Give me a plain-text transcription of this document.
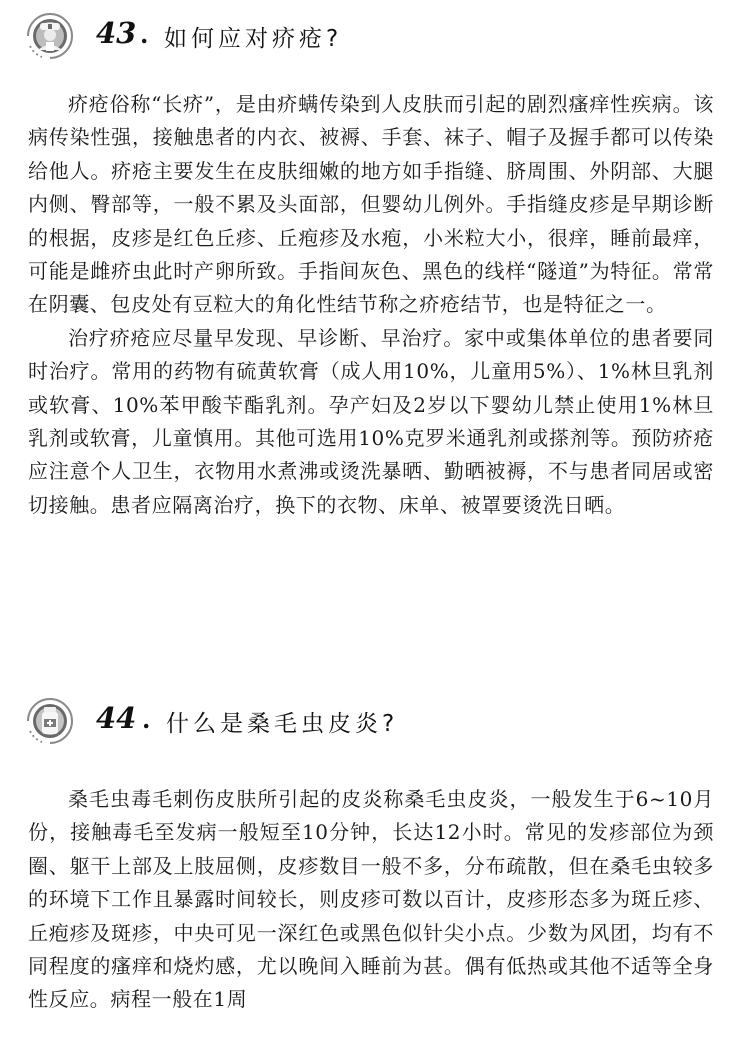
43 . 如何应对疥疮?

疥疮俗称“长疥”，是由疥螨传染到人皮肤而引起的剧烈瘙痒性疾病。该病传染性强，接触患者的内衣、被褥、手套、袜子、帽子及握手都可以传染给他人。疥疮主要发生在皮肤细嫩的地方如手指缝、脐周围、外阴部、大腿内侧、臀部等，一般不累及头面部，但婴幼儿例外。手指缝皮疹是早期诊断的根据，皮疹是红色丘疹、丘疱疹及水疱，小米粒大小，很痒，睡前最痒，可能是雌疥虫此时产卵所致。手指间灰色、黑色的线样“隧道”为特征。常常在阴囊、包皮处有豆粒大的角化性结节称之疥疮结节，也是特征之一。

治疗疥疮应尽量早发现、早诊断、早治疗。家中或集体单位的患者要同时治疗。常用的药物有硫黄软膏（成人用10%，儿童用5%）、1%林旦乳剂或软膏、10%苯甲酸苄酯乳剂。孕产妇及2岁以下婴幼儿禁止使用1%林旦乳剂或软膏，儿童慎用。其他可选用10%克罗米通乳剂或搽剂等。预防疥疮应注意个人卫生，衣物用水煮沸或烫洗暴晒、勤晒被褥，不与患者同居或密切接触。患者应隔离治疗，换下的衣物、床单、被罩要烫洗日晒。

44 . 什么是桑毛虫皮炎?

桑毛虫毒毛刺伤皮肤所引起的皮炎称桑毛虫皮炎，一般发生于6~10月份，接触毒毛至发病一般短至10分钟，长达12小时。常见的发疹部位为颈圈、躯干上部及上肢屈侧，皮疹数目一般不多，分布疏散，但在桑毛虫较多的环境下工作且暴露时间较长，则皮疹可数以百计，皮疹形态多为斑丘疹、丘疱疹及斑疹，中央可见一深红色或黑色似针尖小点。少数为风团，均有不同程度的瘙痒和烧灼感，尤以晚间入睡前为甚。偶有低热或其他不适等全身性反应。病程一般在1周
